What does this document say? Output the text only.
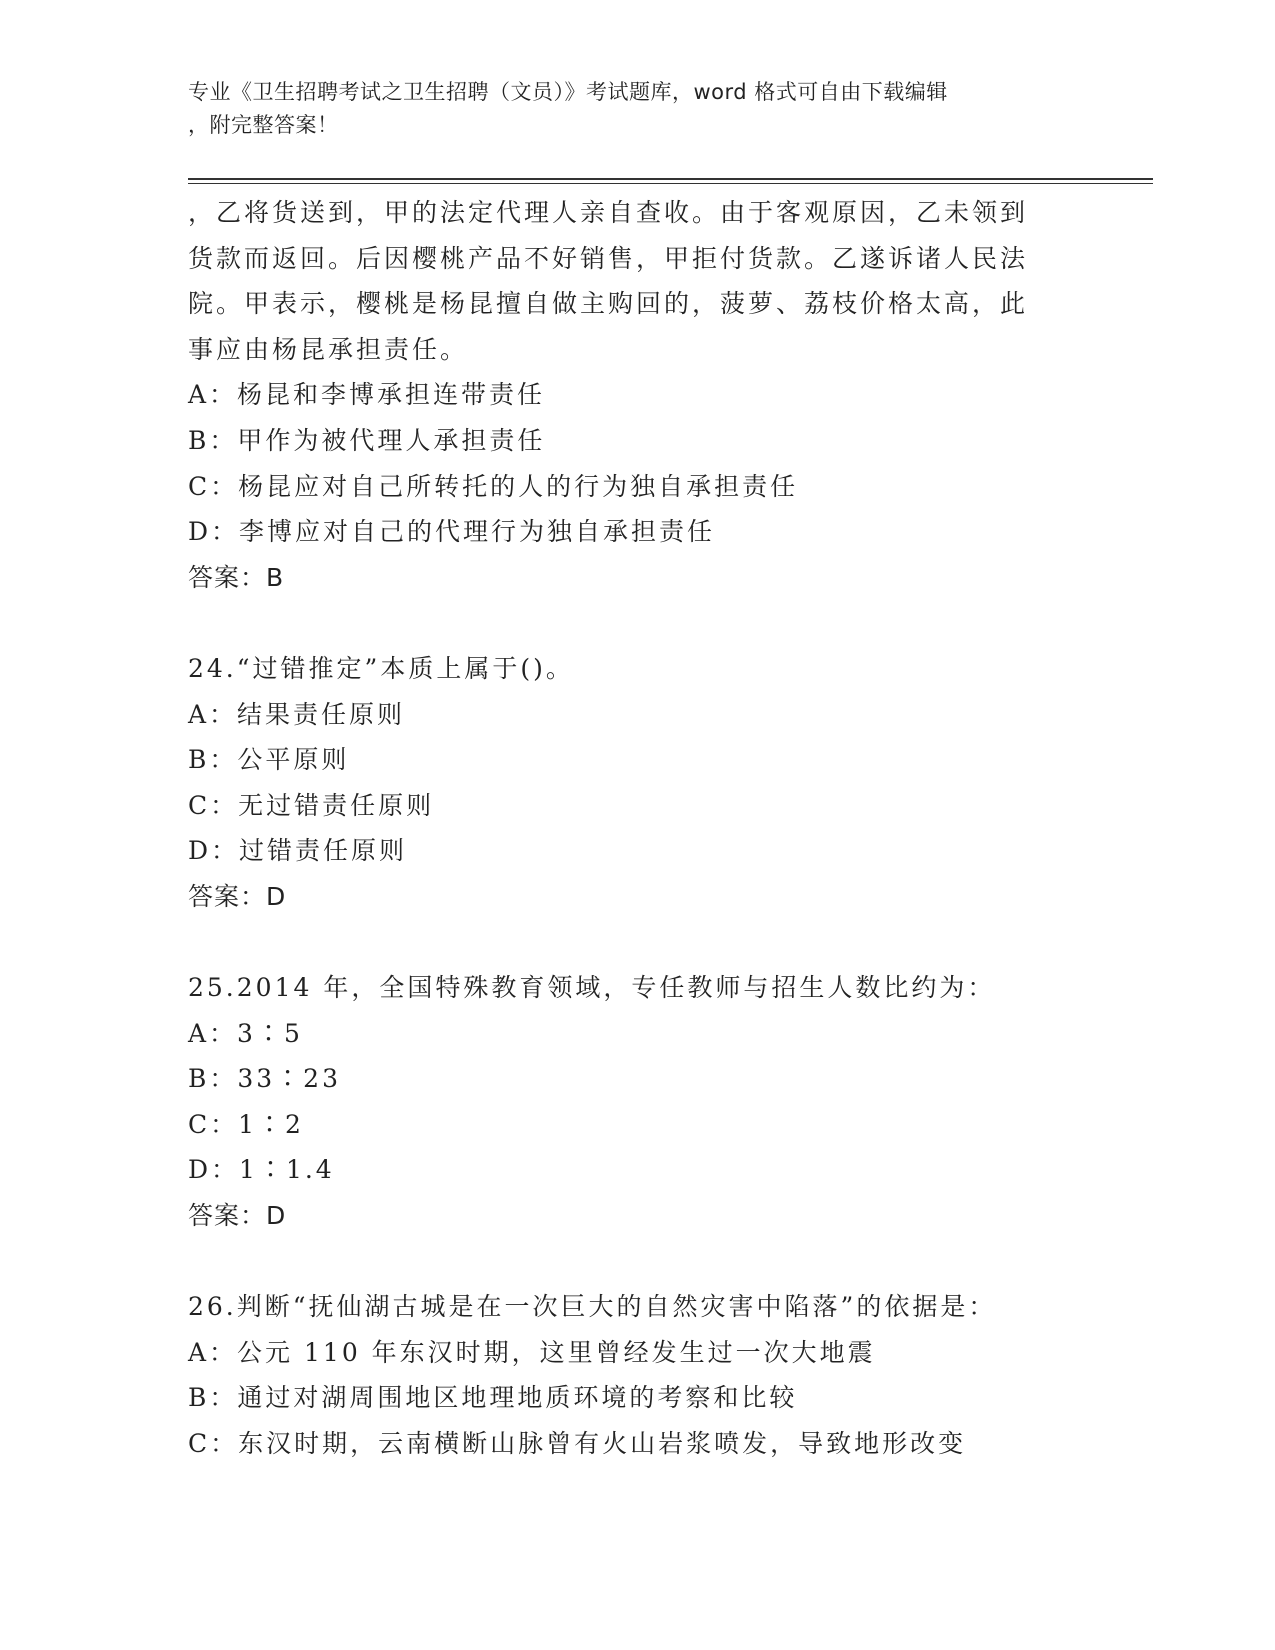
专业《卫生招聘考试之卫生招聘（文员）》考试题库，word 格式可自由下载编辑
，附完整答案！
，乙将货送到，甲的法定代理人亲自查收。由于客观原因，乙未领到
货款而返回。后因樱桃产品不好销售，甲拒付货款。乙遂诉诸人民法
院。甲表示，樱桃是杨昆擅自做主购回的，菠萝、荔枝价格太高，此
事应由杨昆承担责任。
A：杨昆和李博承担连带责任
B：甲作为被代理人承担责任
C：杨昆应对自己所转托的人的行为独自承担责任
D：李博应对自己的代理行为独自承担责任
答案：B
24.“过错推定”本质上属于()。
A：结果责任原则
B：公平原则
C：无过错责任原则
D：过错责任原则
答案：D
25.2014 年，全国特殊教育领域，专任教师与招生人数比约为：
A：3∶5
B：33∶23
C：1∶2
D：1∶1.4
答案：D
26.判断“抚仙湖古城是在一次巨大的自然灾害中陷落”的依据是：
A：公元 110 年东汉时期，这里曾经发生过一次大地震
B：通过对湖周围地区地理地质环境的考察和比较
C：东汉时期，云南横断山脉曾有火山岩浆喷发，导致地形改变
